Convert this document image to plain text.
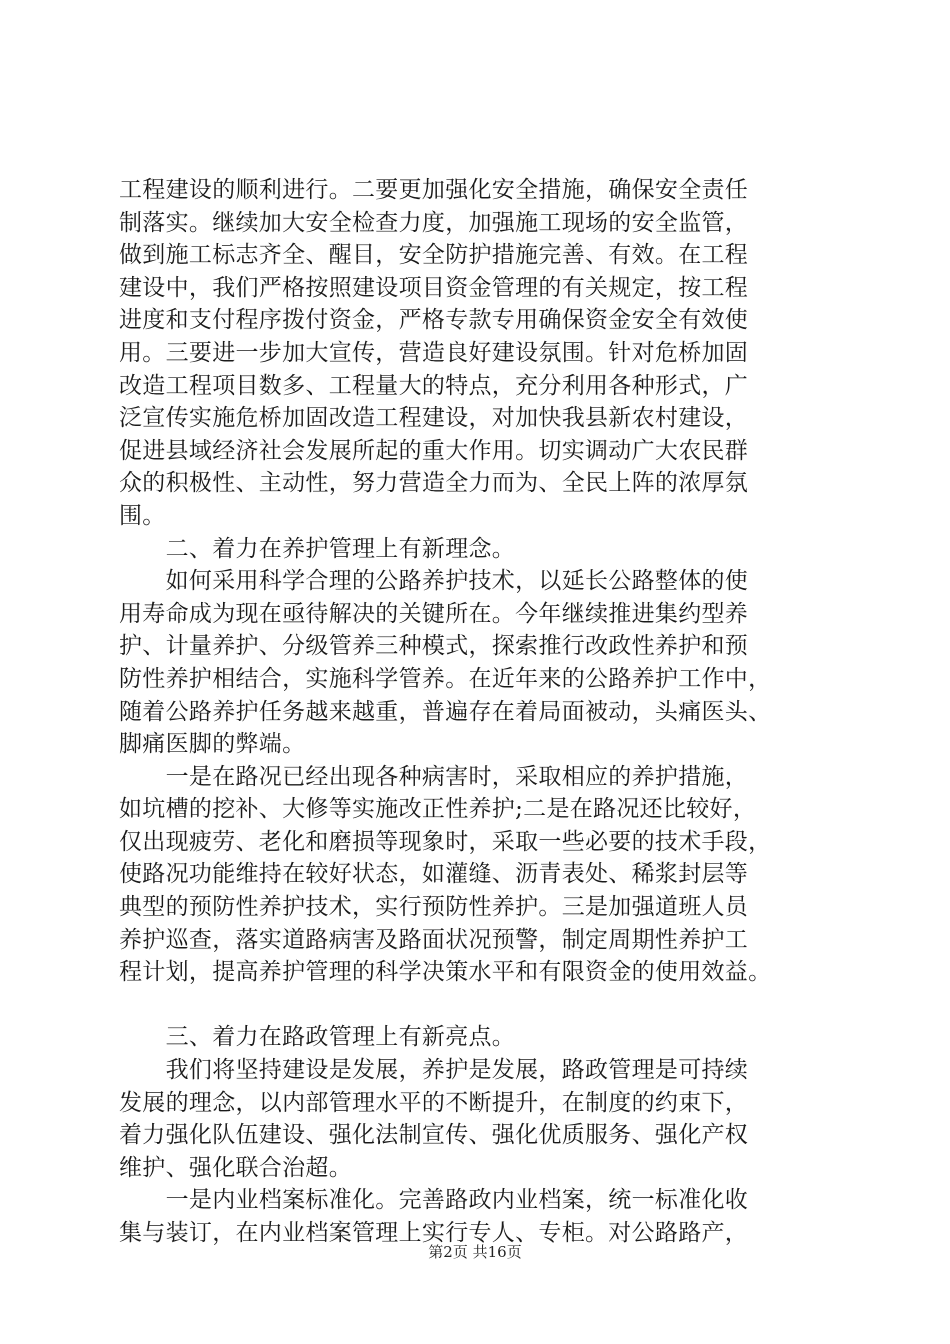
工程建设的顺利进行。二要更加强化安全措施，确保安全责任
制落实。继续加大安全检查力度，加强施工现场的安全监管，
做到施工标志齐全、醒目，安全防护措施完善、有效。在工程
建设中，我们严格按照建设项目资金管理的有关规定，按工程
进度和支付程序拨付资金，严格专款专用确保资金安全有效使
用。三要进一步加大宣传，营造良好建设氛围。针对危桥加固
改造工程项目数多、工程量大的特点，充分利用各种形式，广
泛宣传实施危桥加固改造工程建设，对加快我县新农村建设，
促进县域经济社会发展所起的重大作用。切实调动广大农民群
众的积极性、主动性，努力营造全力而为、全民上阵的浓厚氛
围。
　　二、着力在养护管理上有新理念。
　　如何采用科学合理的公路养护技术，以延长公路整体的使
用寿命成为现在亟待解决的关键所在。今年继续推进集约型养
护、计量养护、分级管养三种模式，探索推行改政性养护和预
防性养护相结合，实施科学管养。在近年来的公路养护工作中，
随着公路养护任务越来越重，普遍存在着局面被动，头痛医头、
脚痛医脚的弊端。
　　一是在路况已经出现各种病害时，采取相应的养护措施，
如坑槽的挖补、大修等实施改正性养护;二是在路况还比较好，
仅出现疲劳、老化和磨损等现象时，采取一些必要的技术手段，
使路况功能维持在较好状态，如灌缝、沥青表处、稀浆封层等
典型的预防性养护技术，实行预防性养护。三是加强道班人员
养护巡查，落实道路病害及路面状况预警，制定周期性养护工
程计划，提高养护管理的科学决策水平和有限资金的使用效益。
　　三、着力在路政管理上有新亮点。
　　我们将坚持建设是发展，养护是发展，路政管理是可持续
发展的理念，以内部管理水平的不断提升，在制度的约束下，
着力强化队伍建设、强化法制宣传、强化优质服务、强化产权
维护、强化联合治超。
　　一是内业档案标准化。完善路政内业档案，统一标准化收
集与装订，在内业档案管理上实行专人、专柜。对公路路产，
第2页 共16页
